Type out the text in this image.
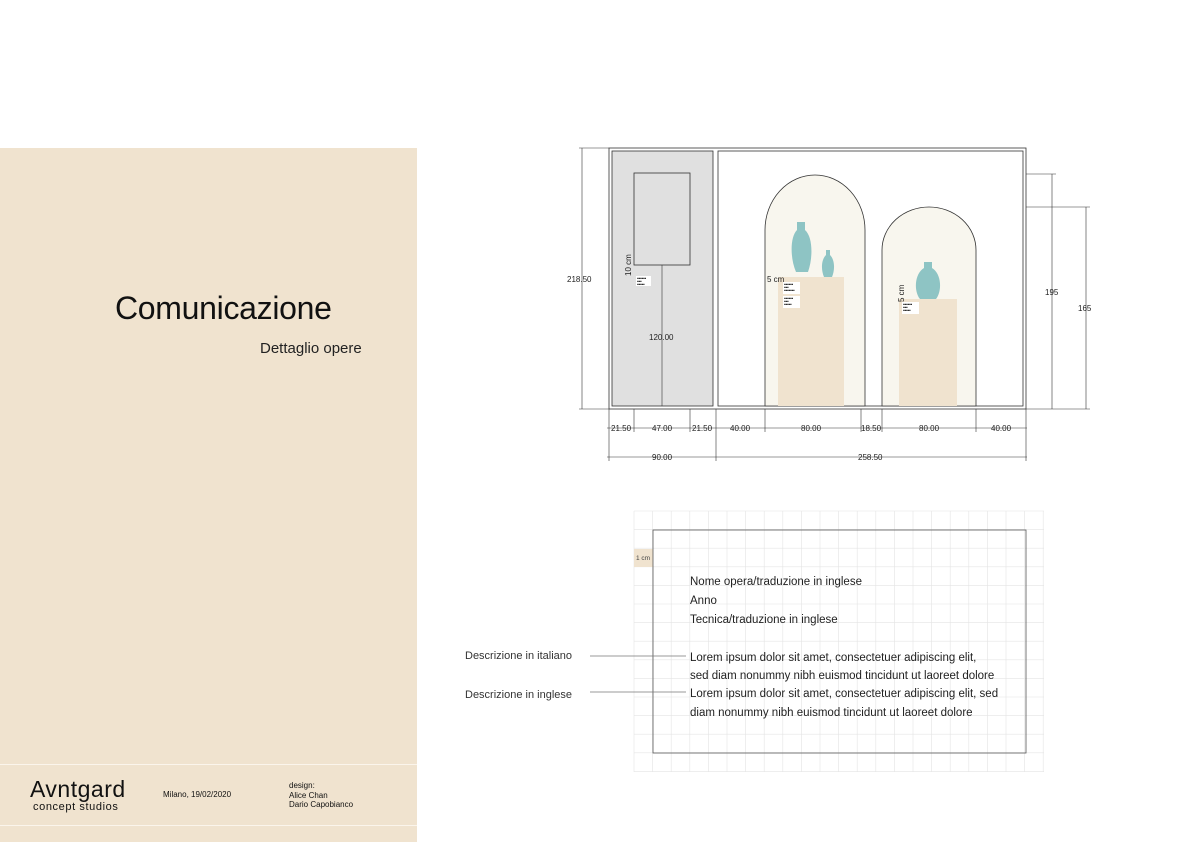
Comunicazione
Dettaglio opere
Avntgard
concept studios
Milano, 19/02/2020
design:
Alice Chan
Dario Capobianco
■■■■■■
■■■
■■■■■	■■■■■■
■■■
■■■■■■■
■■■■■■
■■■
■■■■■	■■■■■■
■■■
■■■■■
218.50
195
165
120.00
10 cm
5 cm
5 cm
21.50	47.00 21.50 40.00	80.00	18.50	80.00	40.00
90.00	258.50
1 cm
Nome opera/traduzione in inglese
Anno
Tecnica/traduzione in inglese
Lorem ipsum dolor sit amet, consectetuer adipiscing elit,
sed diam nonummy nibh euismod tincidunt ut laoreet dolore
Lorem ipsum dolor sit amet, consectetuer adipiscing elit, sed
diam nonummy nibh euismod tincidunt ut laoreet dolore
Descrizione in italiano
Descrizione in inglese
